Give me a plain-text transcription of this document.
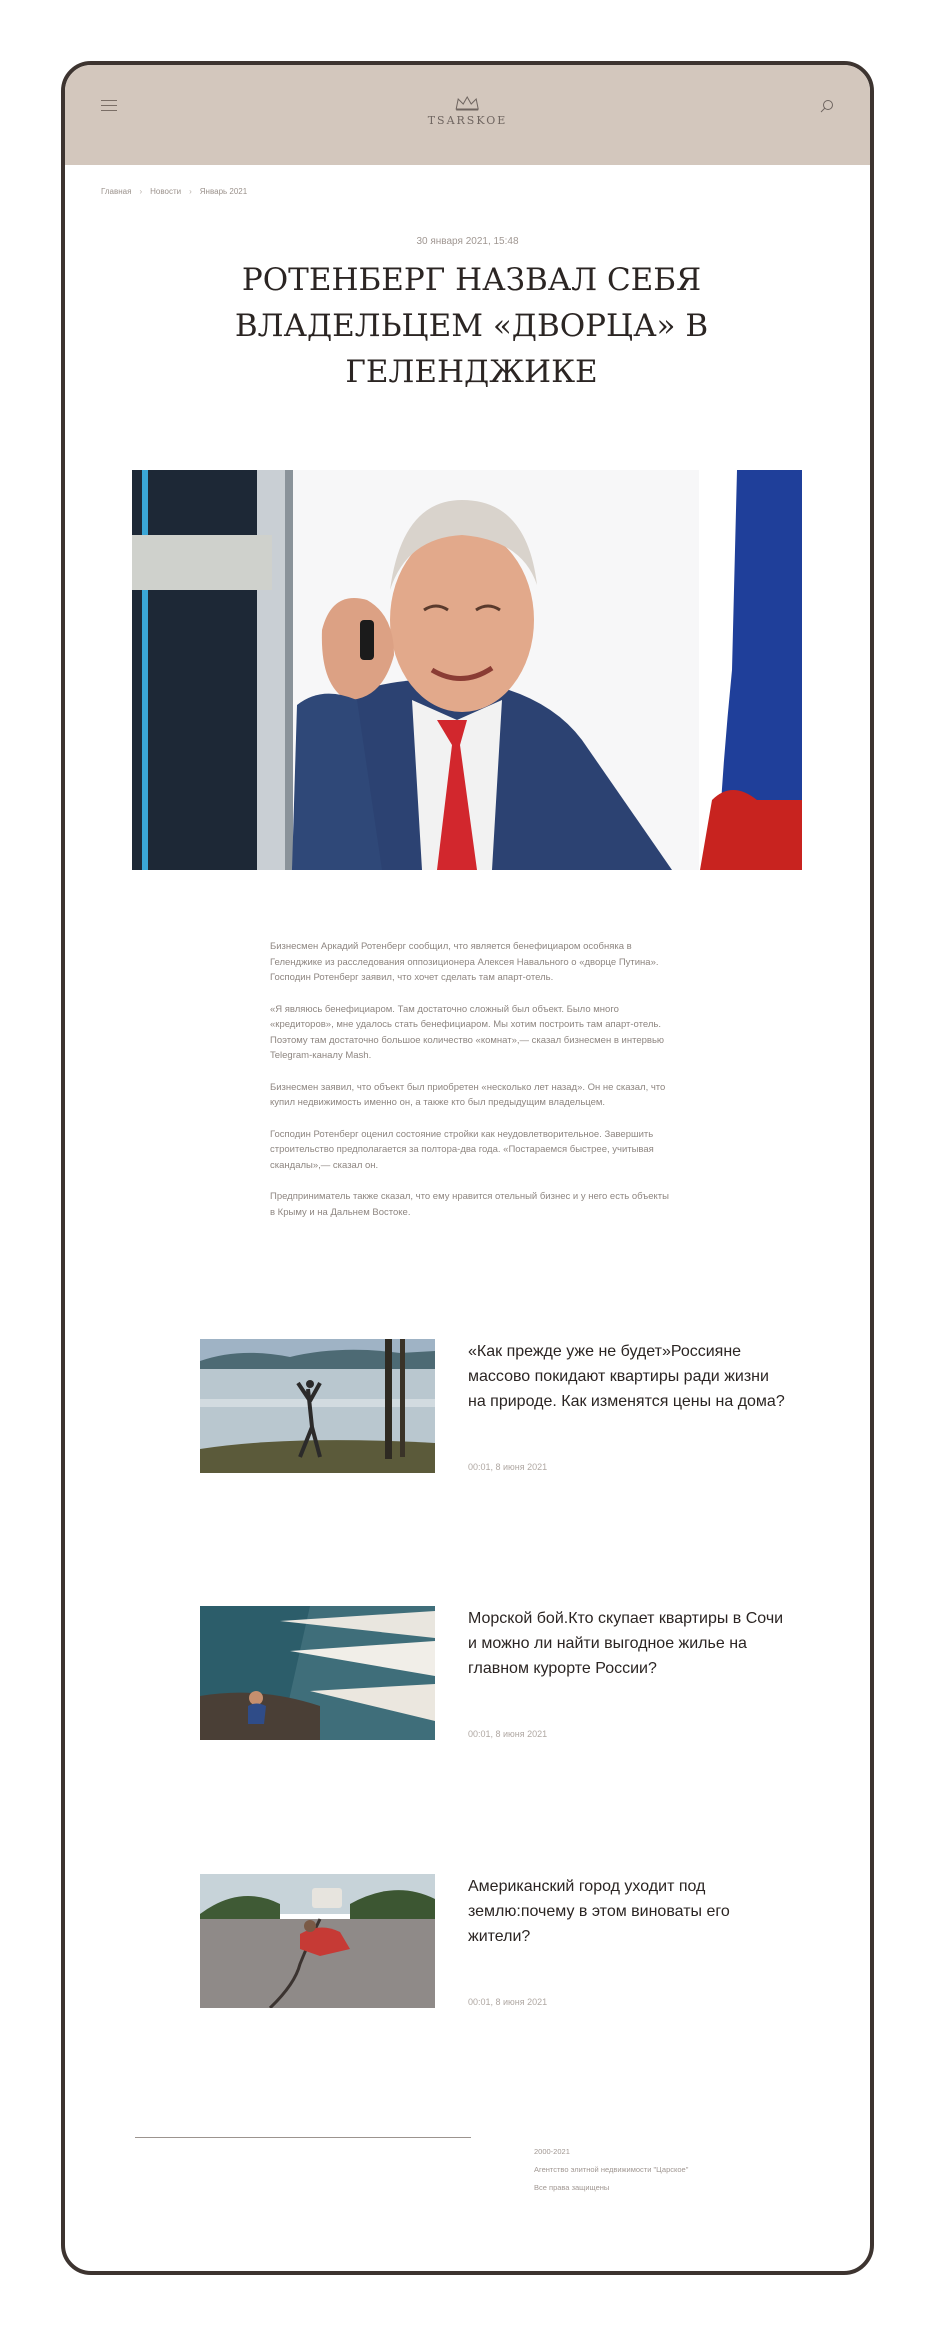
TSARSKOE
Главная › Новости › Январь 2021
30 января 2021, 15:48
РОТЕНБЕРГ НАЗВАЛ СЕБЯ ВЛАДЕЛЬЦЕМ «ДВОРЦА» В ГЕЛЕНДЖИКЕ

Бизнесмен Аркадий Ротенберг сообщил, что является бенефициаром особняка в Геленджике из расследования оппозиционера Алексея Навального о «дворце Путина». Господин Ротенберг заявил, что хочет сделать там апарт-отель.

«Я являюсь бенефициаром. Там достаточно сложный был объект. Было много «кредиторов», мне удалось стать бенефициаром. Мы хотим построить там апарт-отель. Поэтому там достаточно большое количество «комнат»,— сказал бизнесмен в интервью Telegram-каналу Mash.

Бизнесмен заявил, что объект был приобретен «несколько лет назад». Он не сказал, что купил недвижимость именно он, а также кто был предыдущим владельцем.

Господин Ротенберг оценил состояние стройки как неудовлетворительное. Завершить строительство предполагается за полтора-два года. «Постараемся быстрее, учитывая скандалы»,— сказал он.

Предприниматель также сказал, что ему нравится отельный бизнес и у него есть объекты в Крыму и на Дальнем Востоке.

«Как прежде уже не будет»Россияне массово покидают квартиры ради жизни на природе. Как изменятся цены на дома?
00:01, 8 июня 2021
Морской бой.Кто скупает квартиры в Сочи и можно ли найти выгодное жилье на главном курорте России?
00:01, 8 июня 2021
Американский город уходит под землю:почему в этом виноваты его жители?
00:01, 8 июня 2021
2000-2021
Агентство элитной недвижимости "Царское"
Все права защищены
